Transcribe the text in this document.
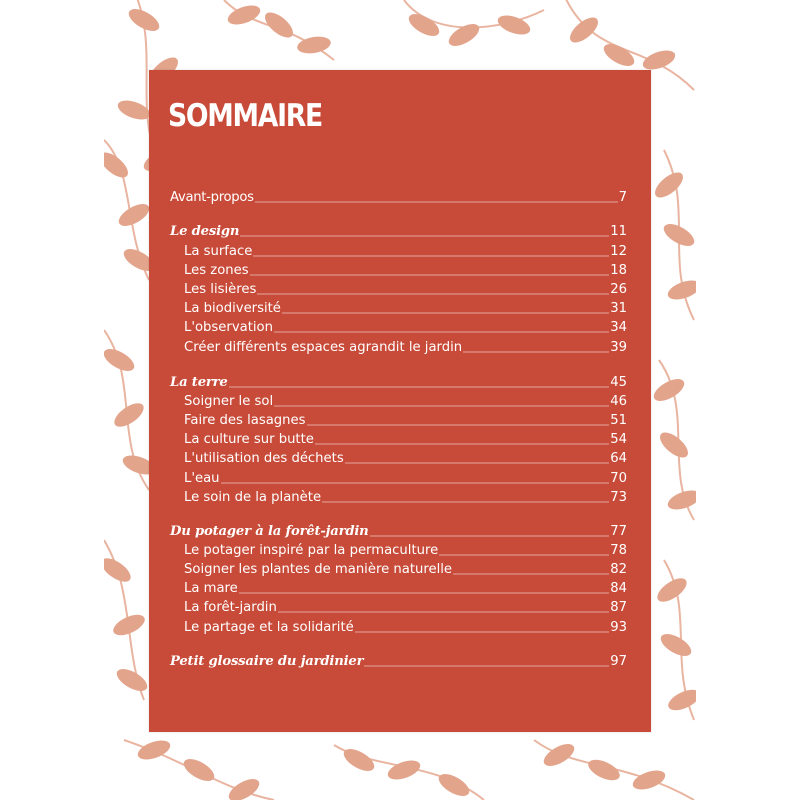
SOMMAIRE
Avant-propos	7
Le design	11
La surface	12
Les zones	18
Les lisières	26
La biodiversité	31
L'observation	34
Créer différents espaces agrandit le jardin	39
La terre	45
Soigner le sol	46
Faire des lasagnes	51
La culture sur butte	54
L'utilisation des déchets	64
L'eau	70
Le soin de la planète	73
Du potager à la forêt-jardin	77
Le potager inspiré par la permaculture	78
Soigner les plantes de manière naturelle	82
La mare	84
La forêt-jardin	87
Le partage et la solidarité	93
Petit glossaire du jardinier	97
